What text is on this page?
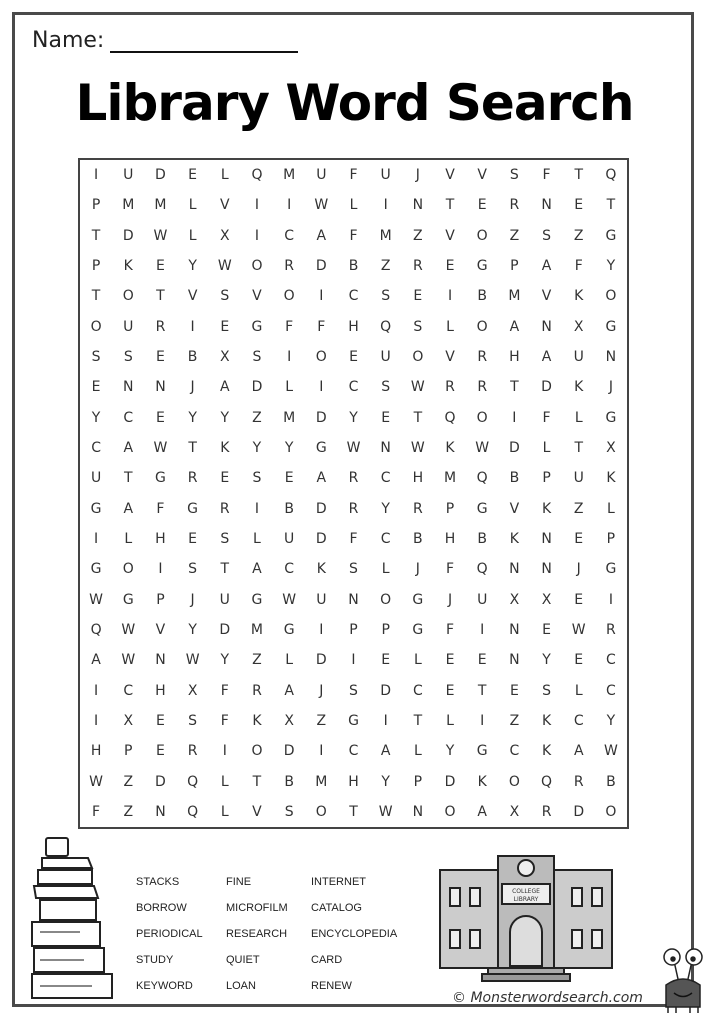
Name:
Library Word Search
I	U	D	E	L	Q	M	U	F	U	J	V	V	S	F	T	Q
P	M	M	L	V	I	I	W	L	I	N	T	E	R	N	E	T
T	D	W	L	X	I	C	A	F	M	Z	V	O	Z	S	Z	G
P	K	E	Y	W	O	R	D	B	Z	R	E	G	P	A	F	Y
T	O	T	V	S	V	O	I	C	S	E	I	B	M	V	K	O
O	U	R	I	E	G	F	F	H	Q	S	L	O	A	N	X	G
S	S	E	B	X	S	I	O	E	U	O	V	R	H	A	U	N
E	N	N	J	A	D	L	I	C	S	W	R	R	T	D	K	J
Y	C	E	Y	Y	Z	M	D	Y	E	T	Q	O	I	F	L	G
C	A	W	T	K	Y	Y	G	W	N	W	K	W	D	L	T	X
U	T	G	R	E	S	E	A	R	C	H	M	Q	B	P	U	K
G	A	F	G	R	I	B	D	R	Y	R	P	G	V	K	Z	L
I	L	H	E	S	L	U	D	F	C	B	H	B	K	N	E	P
G	O	I	S	T	A	C	K	S	L	J	F	Q	N	N	J	G
W	G	P	J	U	G	W	U	N	O	G	J	U	X	X	E	I
Q	W	V	Y	D	M	G	I	P	P	G	F	I	N	E	W	R
A	W	N	W	Y	Z	L	D	I	E	L	E	E	N	Y	E	C
I	C	H	X	F	R	A	J	S	D	C	E	T	E	S	L	C
I	X	E	S	F	K	X	Z	G	I	T	L	I	Z	K	C	Y
H	P	E	R	I	O	D	I	C	A	L	Y	G	C	K	A	W
W	Z	D	Q	L	T	B	M	H	Y	P	D	K	O	Q	R	B
F	Z	N	Q	L	V	S	O	T	W	N	O	A	X	R	D	O
STACKS	FINE	INTERNET
BORROW	MICROFILM	CATALOG
PERIODICAL	RESEARCH	ENCYCLOPEDIA
STUDY	QUIET	CARD
KEYWORD	LOAN	RENEW
COLLEGE
LIBRARY
© Monsterwordsearch.com
